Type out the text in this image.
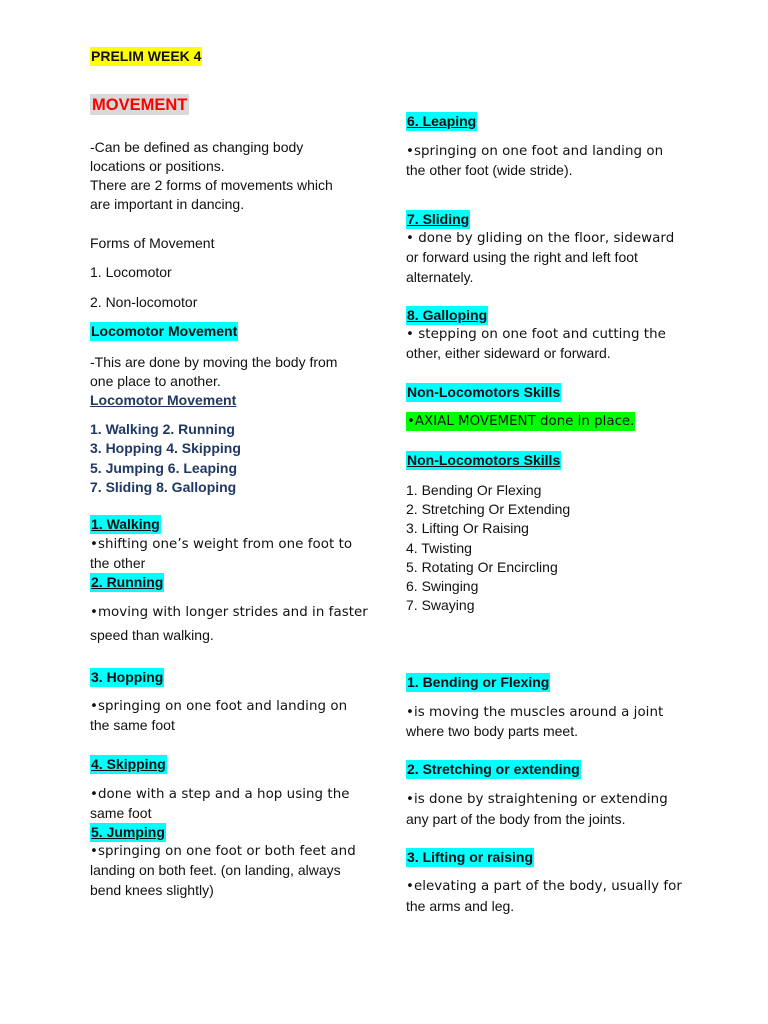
PRELIM WEEK 4
MOVEMENT
-Can be defined as changing body
locations or positions.
There are 2 forms of movements which
are important in dancing.
Forms of Movement
1. Locomotor
2. Non-locomotor
Locomotor Movement
-This are done by moving the body from
one place to another.
Locomotor Movement
1. Walking 2. Running
3. Hopping 4. Skipping
5. Jumping 6. Leaping
7. Sliding 8. Galloping
1. Walking
•shifting one’s weight from one foot to
the other
2. Running
•moving with longer strides and in faster
speed than walking.
3. Hopping
•springing on one foot and landing on
the same foot
4. Skipping
•done with a step and a hop using the
same foot
5. Jumping
•springing on one foot or both feet and
landing on both feet. (on landing, always
bend knees slightly)
6. Leaping
•springing on one foot and landing on
the other foot (wide stride).
7. Sliding
• done by gliding on the floor, sideward
or forward using the right and left foot
alternately.
8. Galloping
• stepping on one foot and cutting the
other, either sideward or forward.
Non-Locomotors Skills
•AXIAL MOVEMENT done in place.
Non-Locomotors Skills
1. Bending Or Flexing
2. Stretching Or Extending
3. Lifting Or Raising
4. Twisting
5. Rotating Or Encircling
6. Swinging
7. Swaying
1. Bending or Flexing
•is moving the muscles around a joint
where two body parts meet.
2. Stretching or extending
•is done by straightening or extending
any part of the body from the joints.
3. Lifting or raising
•elevating a part of the body, usually for
the arms and leg.
